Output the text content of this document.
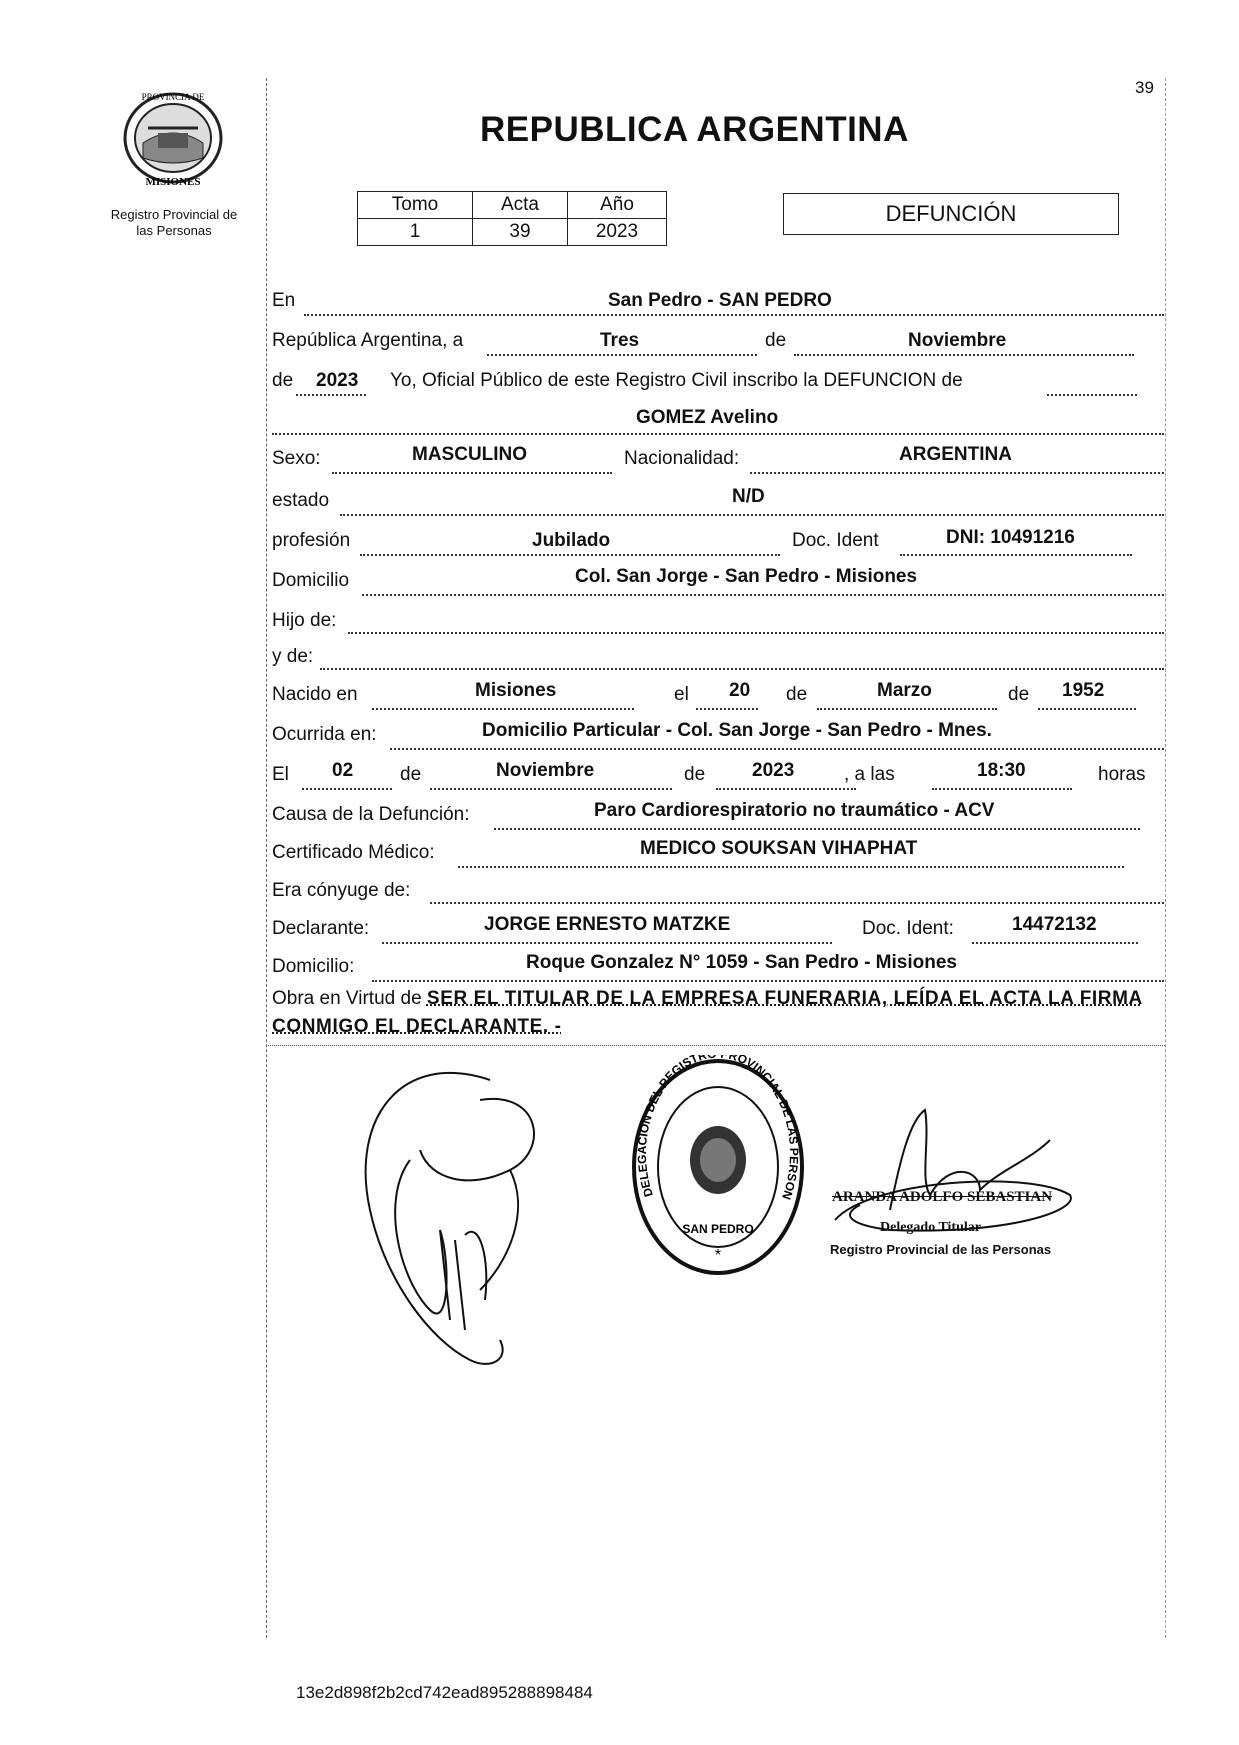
PROVINCIA DE
MISIONES
Registro Provincial de
las Personas
39
REPUBLICA ARGENTINA
Tomo	Acta	Año
1	39	2023
DEFUNCIÓN
En	San Pedro - SAN PEDRO
República Argentina, a	Tres	de	Noviembre
de 2023 Yo, Oficial Público de este Registro Civil inscribo la DEFUNCION de
GOMEZ Avelino
Sexo:	MASCULINO	Nacionalidad:	ARGENTINA
estado	N/D
profesión	Jubilado	Doc. Ident	DNI: 10491216
Domicilio	Col. San Jorge - San Pedro - Misiones
Hijo de:
y de:
Nacido en	Misiones	el 20 de	Marzo	de 1952
Ocurrida en:	Domicilio Particular - Col. San Jorge - San Pedro - Mnes.
El 02 de	Noviembre	de 2023	, a las	18:30	horas
Causa de la Defunción:	Paro Cardiorespiratorio no traumático - ACV
Certificado Médico:	MEDICO SOUKSAN VIHAPHAT
Era cónyuge de:
Declarante:	JORGE ERNESTO MATZKE	Doc. Ident:	14472132
Domicilio:	Roque Gonzalez N° 1059 - San Pedro - Misiones
Obra en Virtud de SER EL TITULAR DE LA EMPRESA FUNERARIA, LEÍDA EL ACTA LA FIRMA CONMIGO EL DECLARANTE. -
DELEGACION DEL REGISTR ROVINCIAL DE LAS PERSON
SAN PEDRO
*
ARANDA ADOLFO SEBASTIAN
Delegado Titular
Registro Provincial de las Personas
13e2d898f2b2cd742ead895288898484
